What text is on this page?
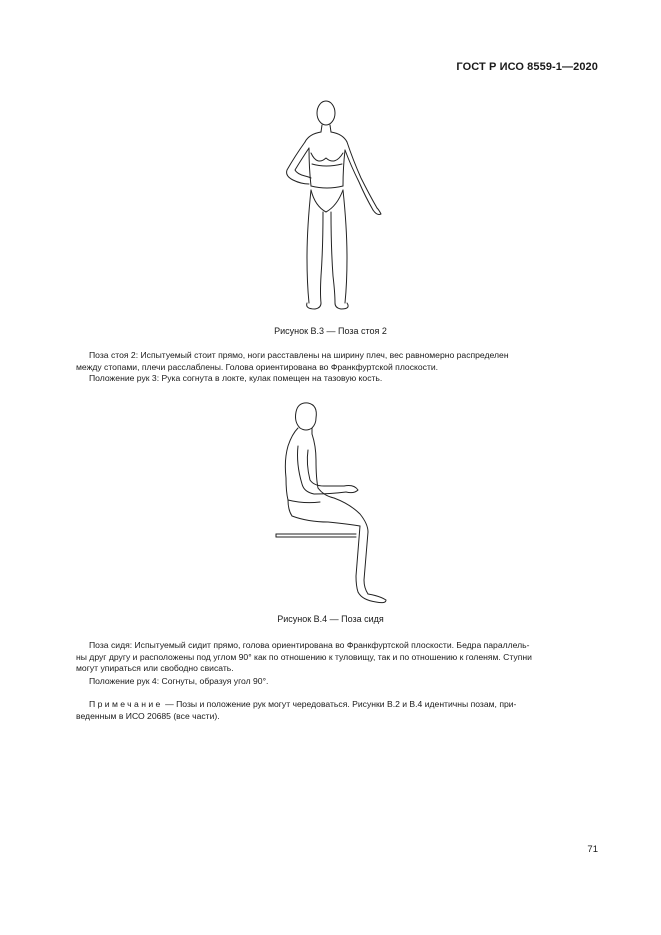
ГОСТ Р ИСО 8559-1—2020
Рисунок В.3 — Поза стоя 2
Поза стоя 2: Испытуемый стоит прямо, ноги расставлены на ширину плеч, вес равномерно распределен
между стопами, плечи расслаблены. Голова ориентирована во Франкфуртской плоскости.
Положение рук 3: Рука согнута в локте, кулак помещен на тазовую кость.
Рисунок В.4 — Поза сидя
Поза сидя: Испытуемый сидит прямо, голова ориентирована во Франкфуртской плоскости. Бедра параллель-
ны друг другу и расположены под углом 90° как по отношению к туловищу, так и по отношению к голеням. Ступни
могут упираться или свободно свисать.
Положение рук 4: Согнуты, образуя угол 90°.
Примечание — Позы и положение рук могут чередоваться. Рисунки В.2 и В.4 идентичны позам, при-
веденным в ИСО 20685 (все части).
71
